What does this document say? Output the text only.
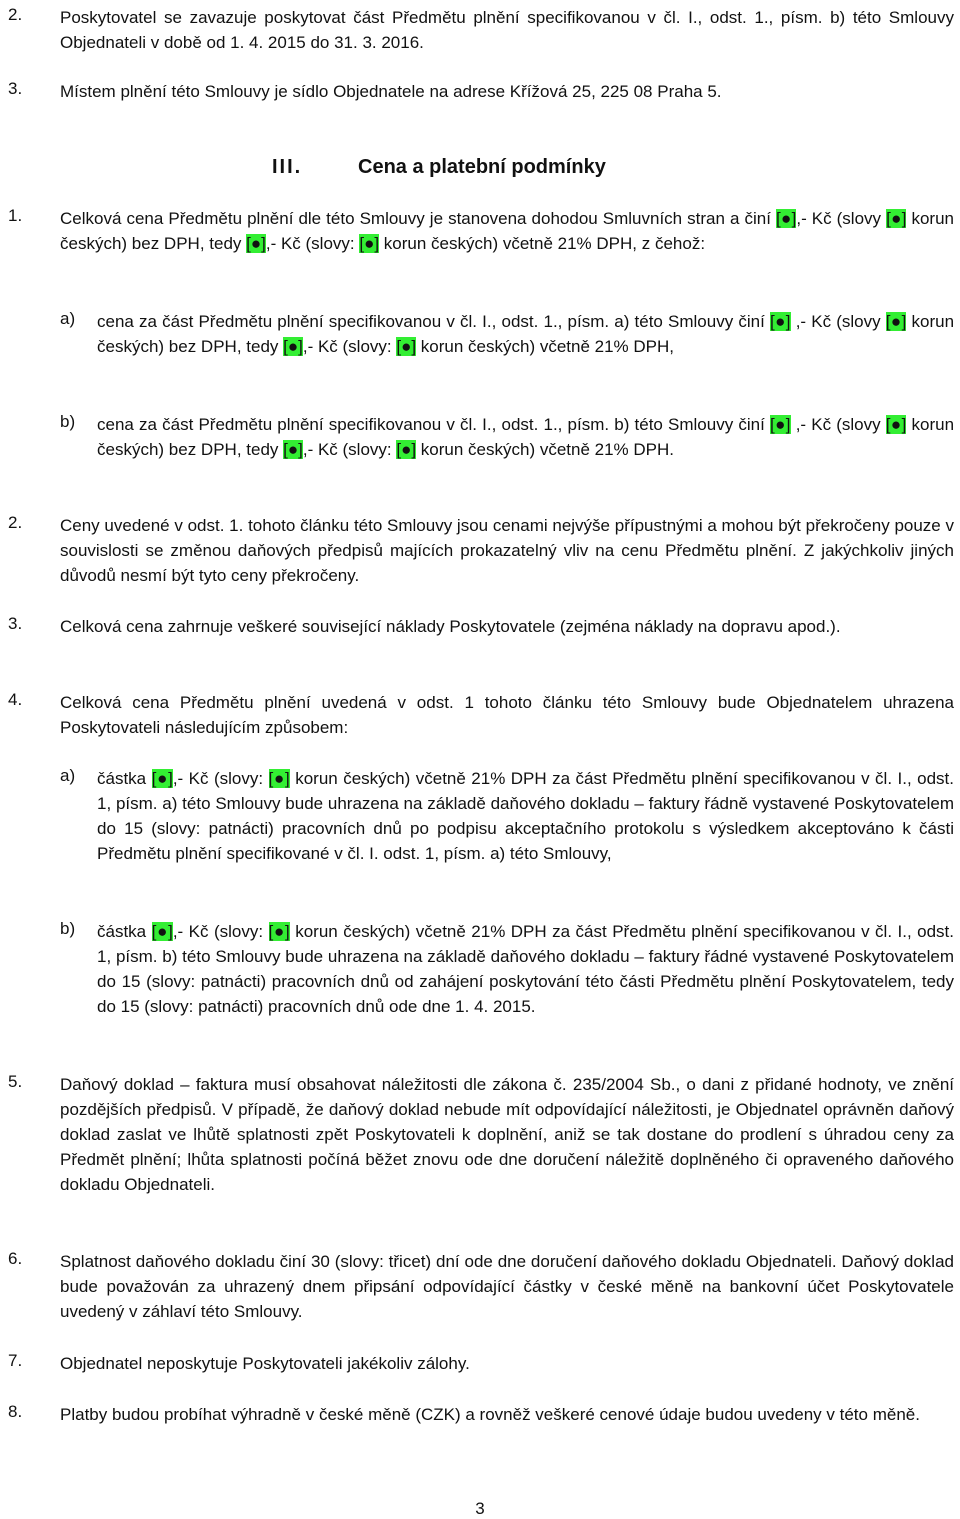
2. Poskytovatel se zavazuje poskytovat část Předmětu plnění specifikovanou v čl. I., odst. 1., písm. b) této Smlouvy Objednateli v době od 1. 4. 2015 do 31. 3. 2016.
3. Místem plnění této Smlouvy je sídlo Objednatele na adrese Křížová 25, 225 08 Praha 5.
III.	Cena a platební podmínky
1. Celková cena Předmětu plnění dle této Smlouvy je stanovena dohodou Smluvních stran a činí [●],- Kč (slovy [●] korun českých) bez DPH, tedy [●],- Kč (slovy: [●] korun českých) včetně 21% DPH, z čehož:
a) cena za část Předmětu plnění specifikovanou v čl. I., odst. 1., písm. a) této Smlouvy činí [●] ,- Kč (slovy [●] korun českých) bez DPH, tedy [●],- Kč (slovy: [●] korun českých) včetně 21% DPH,
b) cena za část Předmětu plnění specifikovanou v čl. I., odst. 1., písm. b) této Smlouvy činí [●] ,- Kč (slovy [●] korun českých) bez DPH, tedy [●],- Kč (slovy: [●] korun českých) včetně 21% DPH.
2. Ceny uvedené v odst. 1. tohoto článku této Smlouvy jsou cenami nejvýše přípustnými a mohou být překročeny pouze v souvislosti se změnou daňových předpisů majících prokazatelný vliv na cenu Předmětu plnění. Z jakýchkoliv jiných důvodů nesmí být tyto ceny překročeny.
3. Celková cena zahrnuje veškeré související náklady Poskytovatele (zejména náklady na dopravu apod.).
4. Celková cena Předmětu plnění uvedená v odst. 1 tohoto článku této Smlouvy bude Objednatelem uhrazena Poskytovateli následujícím způsobem:
a) částka [●],- Kč (slovy: [●] korun českých) včetně 21% DPH za část Předmětu plnění specifikovanou v čl. I., odst. 1, písm. a) této Smlouvy bude uhrazena na základě daňového dokladu – faktury řádně vystavené Poskytovatelem do 15 (slovy: patnácti) pracovních dnů po podpisu akceptačního protokolu s výsledkem akceptováno k části Předmětu plnění specifikované v čl. I. odst. 1, písm. a) této Smlouvy,
b) částka [●],- Kč (slovy: [●] korun českých) včetně 21% DPH za část Předmětu plnění specifikovanou v čl. I., odst. 1, písm. b) této Smlouvy bude uhrazena na základě daňového dokladu – faktury řádné vystavené Poskytovatelem do 15 (slovy: patnácti) pracovních dnů od zahájení poskytování této části Předmětu plnění Poskytovatelem, tedy do 15 (slovy: patnácti) pracovních dnů ode dne 1. 4. 2015.
5. Daňový doklad – faktura musí obsahovat náležitosti dle zákona č. 235/2004 Sb., o dani z přidané hodnoty, ve znění pozdějších předpisů. V případě, že daňový doklad nebude mít odpovídající náležitosti, je Objednatel oprávněn daňový doklad zaslat ve lhůtě splatnosti zpět Poskytovateli k doplnění, aniž se tak dostane do prodlení s úhradou ceny za Předmět plnění; lhůta splatnosti počíná běžet znovu ode dne doručení náležitě doplněného či opraveného daňového dokladu Objednateli.
6. Splatnost daňového dokladu činí 30 (slovy: třicet) dní ode dne doručení daňového dokladu Objednateli. Daňový doklad bude považován za uhrazený dnem připsání odpovídající částky v české měně na bankovní účet Poskytovatele uvedený v záhlaví této Smlouvy.
7. Objednatel neposkytuje Poskytovateli jakékoliv zálohy.
8. Platby budou probíhat výhradně v české měně (CZK) a rovněž veškeré cenové údaje budou uvedeny v této měně.
3
